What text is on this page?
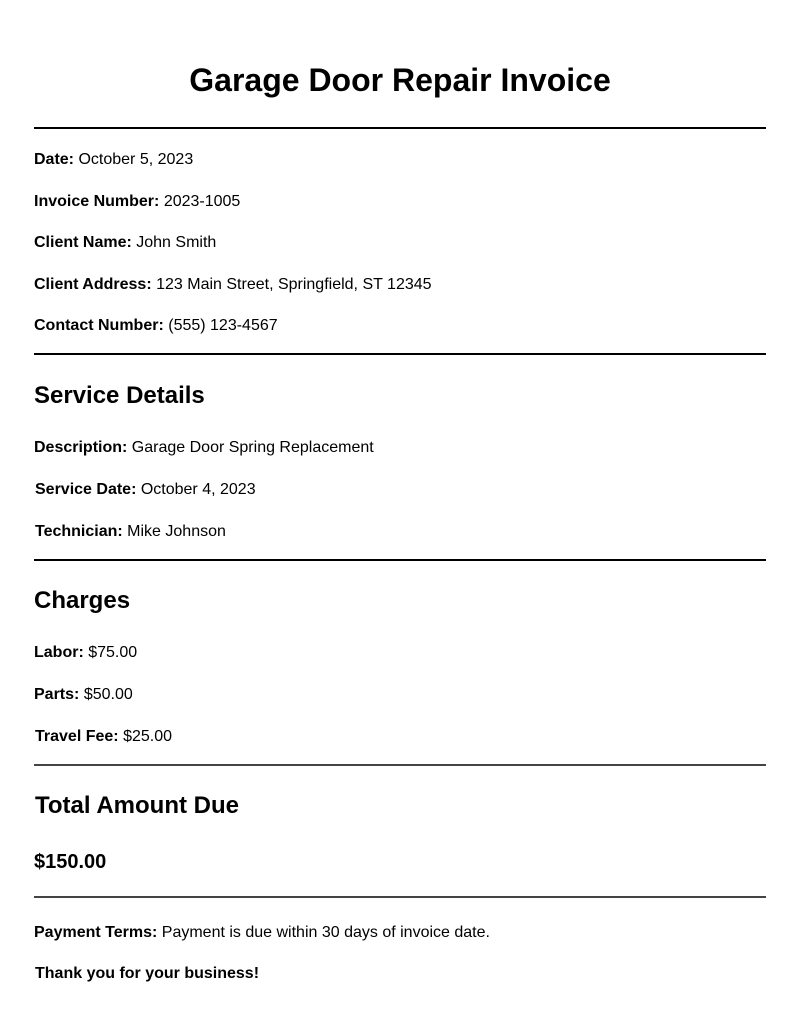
Garage Door Repair Invoice
Date: October 5, 2023
Invoice Number: 2023-1005
Client Name: John Smith
Client Address: 123 Main Street, Springfield, ST 12345
Contact Number: (555) 123-4567
Service Details
Description: Garage Door Spring Replacement
Service Date: October 4, 2023
Technician: Mike Johnson
Charges
Labor: $75.00
Parts: $50.00
Travel Fee: $25.00
Total Amount Due
$150.00
Payment Terms: Payment is due within 30 days of invoice date.
Thank you for your business!
